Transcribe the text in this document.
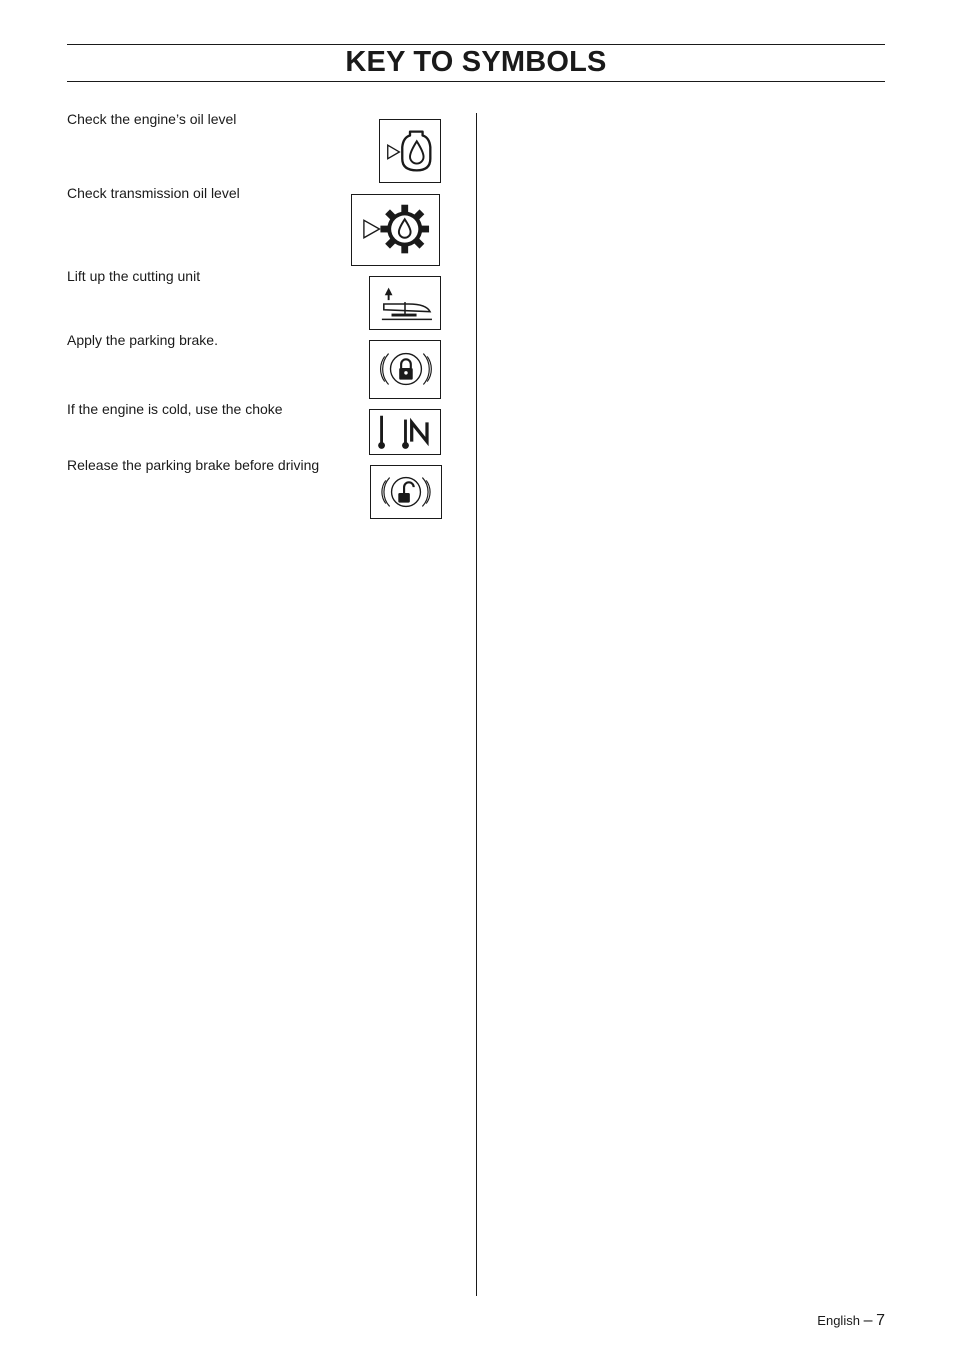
KEY TO SYMBOLS
Check the engine’s oil level
Check transmission oil level
Lift up the cutting unit
Apply the parking brake.
If the engine is cold, use the choke
Release the parking brake before driving
English – 7
